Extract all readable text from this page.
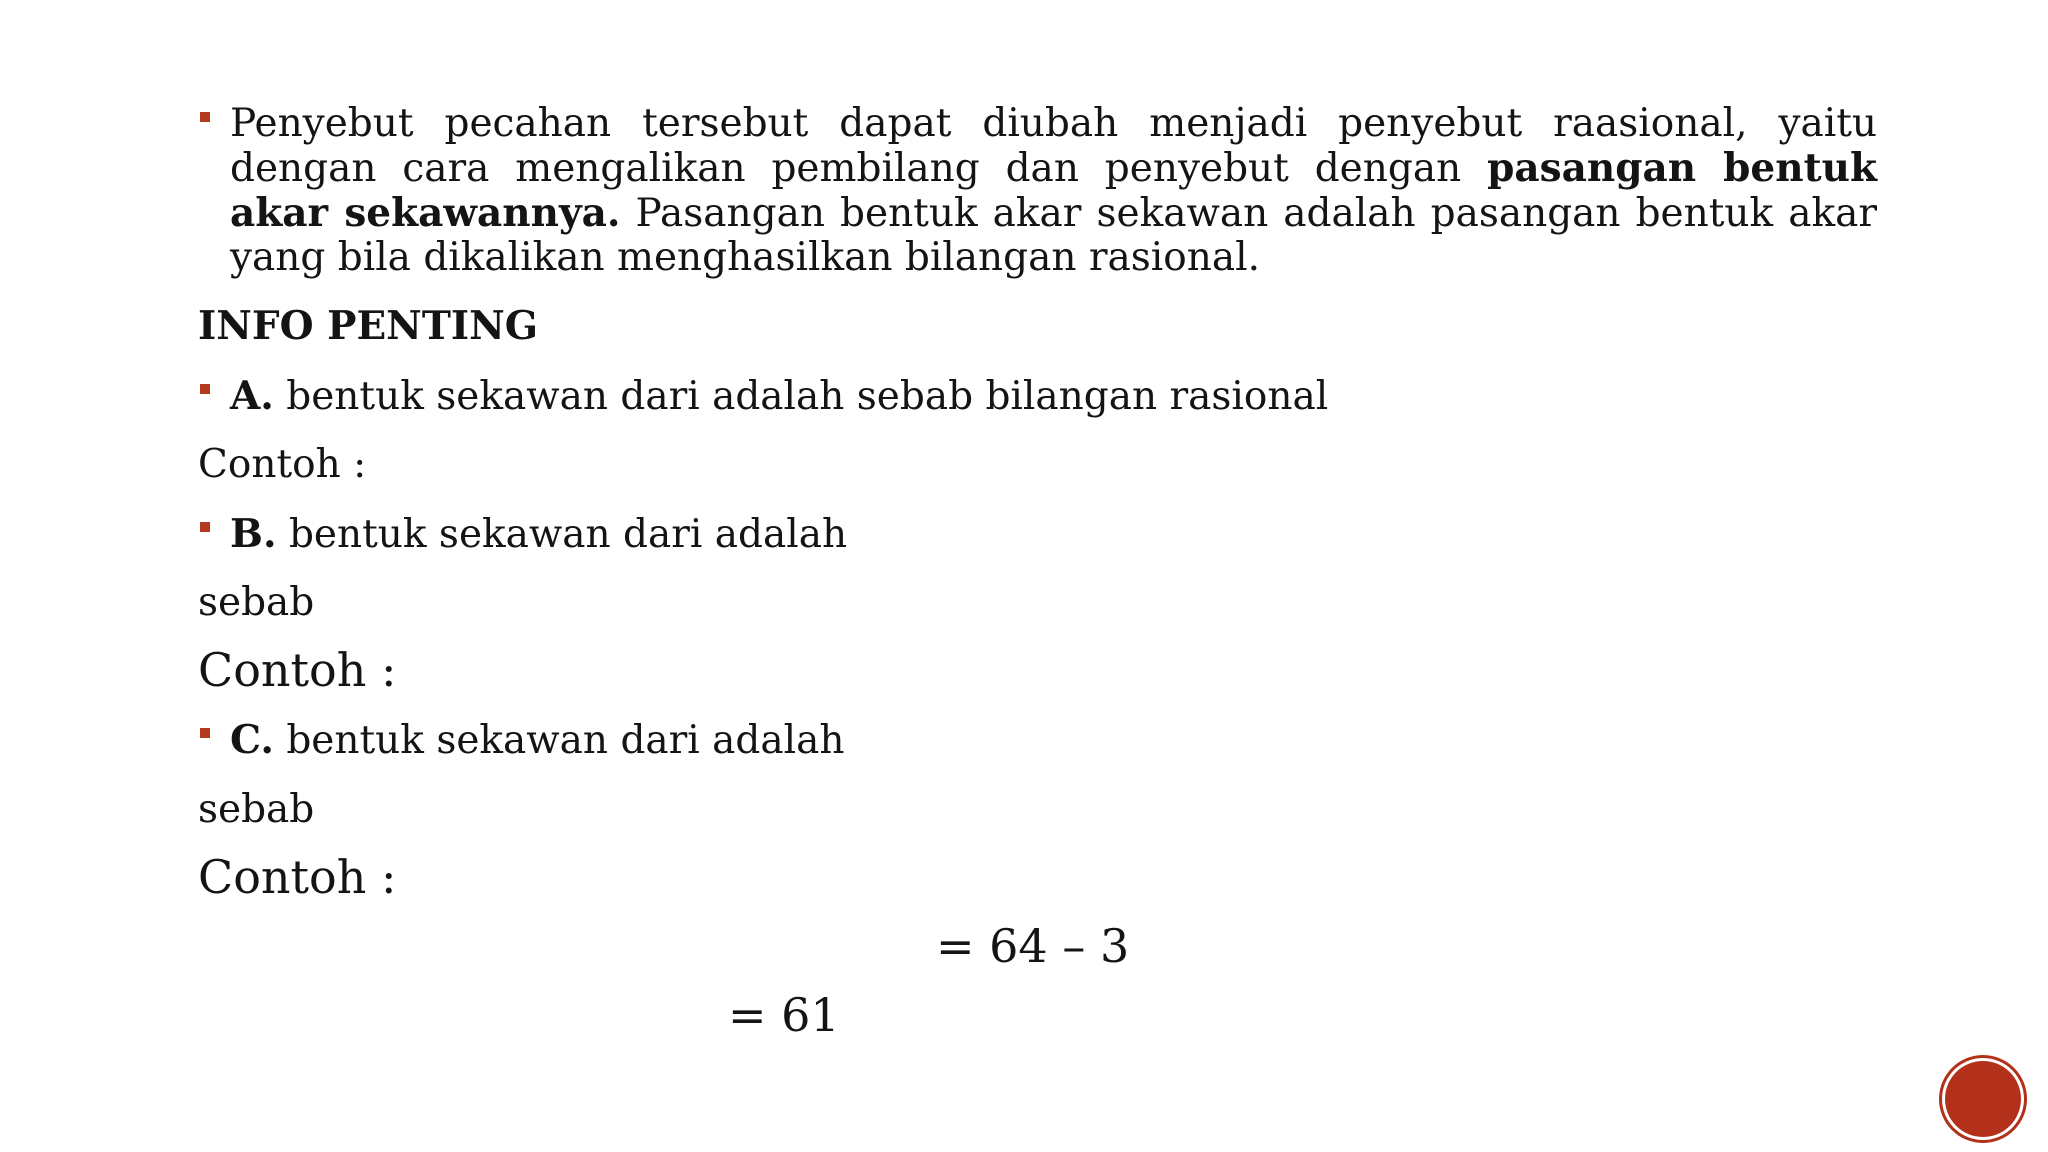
Penyebut pecahan tersebut dapat diubah menjadi penyebut raasional, yaitu dengan cara mengalikan pembilang dan penyebut dengan pasangan bentuk akar sekawannya. Pasangan bentuk akar sekawan adalah pasangan bentuk akar yang bila dikalikan menghasilkan bilangan rasional.
INFO PENTING
A. bentuk sekawan dari adalah sebab bilangan rasional
Contoh :
B. bentuk sekawan dari adalah
sebab
Contoh :
C. bentuk sekawan dari adalah
sebab
Contoh :
= 64 – 3
= 61
